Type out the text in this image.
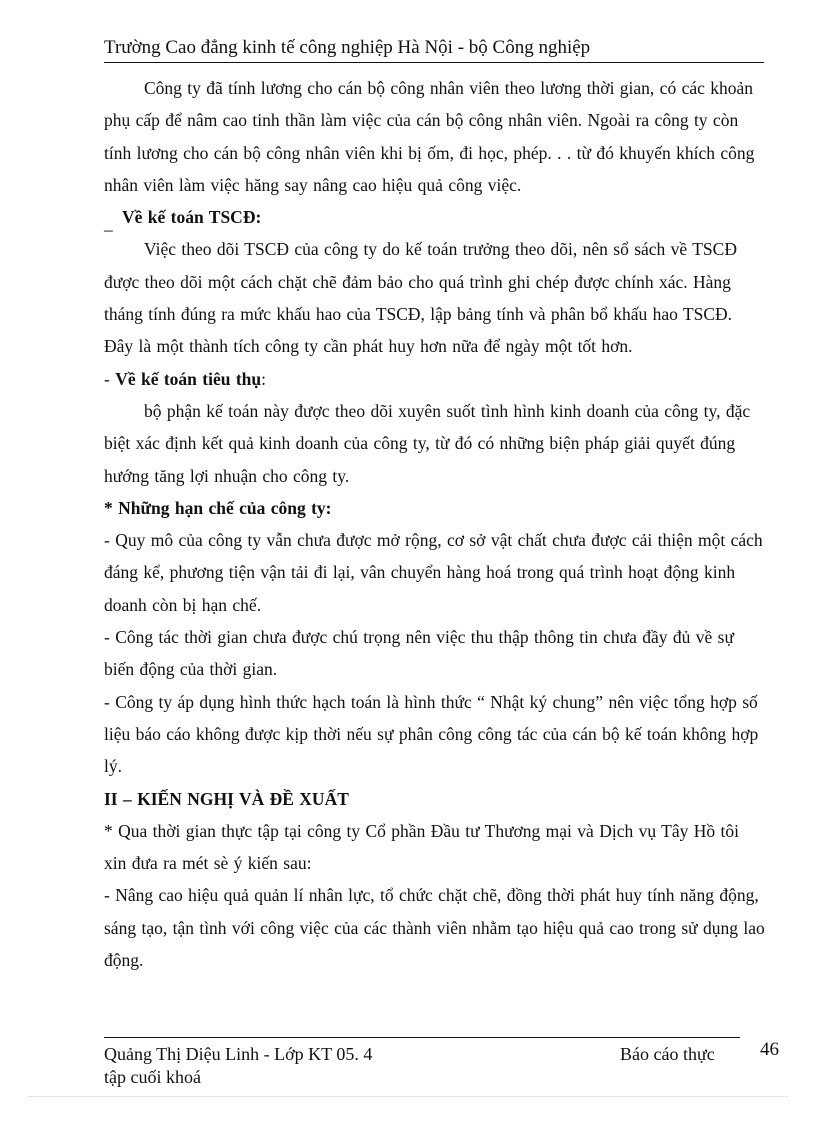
Trường Cao đẳng kinh tế công nghiệp Hà Nội - bộ Công nghiệp

Công ty đã tính lương cho cán bộ công nhân viên theo lương thời gian, có các khoản phụ cấp để nâm cao tinh thần làm việc của cán bộ công nhân viên. Ngoài ra công ty còn tính lương cho cán bộ công nhân viên khi bị ốm, đi học, phép. . . từ đó khuyến khích công nhân viên làm việc hăng say nâng cao hiệu quả công việc.

_ Về kế toán TSCĐ:

Việc theo dõi TSCĐ của công ty do kế toán trưởng theo dõi, nên sổ sách về TSCĐ được theo dõi một cách chặt chẽ đảm bảo cho quá trình ghi chép được chính xác. Hàng tháng tính đúng ra mức khấu hao của TSCĐ, lập bảng tính và phân bổ khấu hao TSCĐ. Đây là một thành tích công ty cần phát huy hơn nữa để ngày một tốt hơn.

- Về kế toán tiêu thụ:

bộ phận kế toán này được theo dõi xuyên suốt tình hình kinh doanh của công ty, đặc biệt xác định kết quả kinh doanh của công ty, từ đó có những biện pháp giải quyết đúng hướng tăng lợi nhuận cho công ty.

* Những hạn chế của công ty:

- Quy mô của công ty vẫn chưa được mở rộng, cơ sở vật chất chưa được cải thiện một cách đáng kể, phương tiện vận tải đi lại, vân chuyển hàng hoá trong quá trình hoạt động kinh doanh còn bị hạn chế.

- Công tác thời gian chưa được chú trọng nên việc thu thập thông tin chưa đầy đủ về sự biến động của thời gian.

- Công ty áp dụng hình thức hạch toán là hình thức “ Nhật ký chung” nên việc tổng hợp số liệu báo cáo không được kịp thời nếu sự phân công công tác của cán bộ kế toán không hợp lý.

II – KIẾN NGHỊ VÀ ĐỀ XUẤT

* Qua thời gian thực tập tại công ty Cổ phần Đầu tư Thương mại và Dịch vụ Tây Hồ tôi xin đưa ra mét sè ý kiến sau:

- Nâng cao hiệu quả quản lí nhân lực, tổ chức chặt chẽ, đồng thời phát huy tính năng động, sáng tạo, tận tình với công việc của các thành viên nhằm tạo hiệu quả cao trong sử dụng lao động.

Quảng Thị Diệu Linh - Lớp KT 05. 4	Báo cáo thực
tập cuối khoá
46
